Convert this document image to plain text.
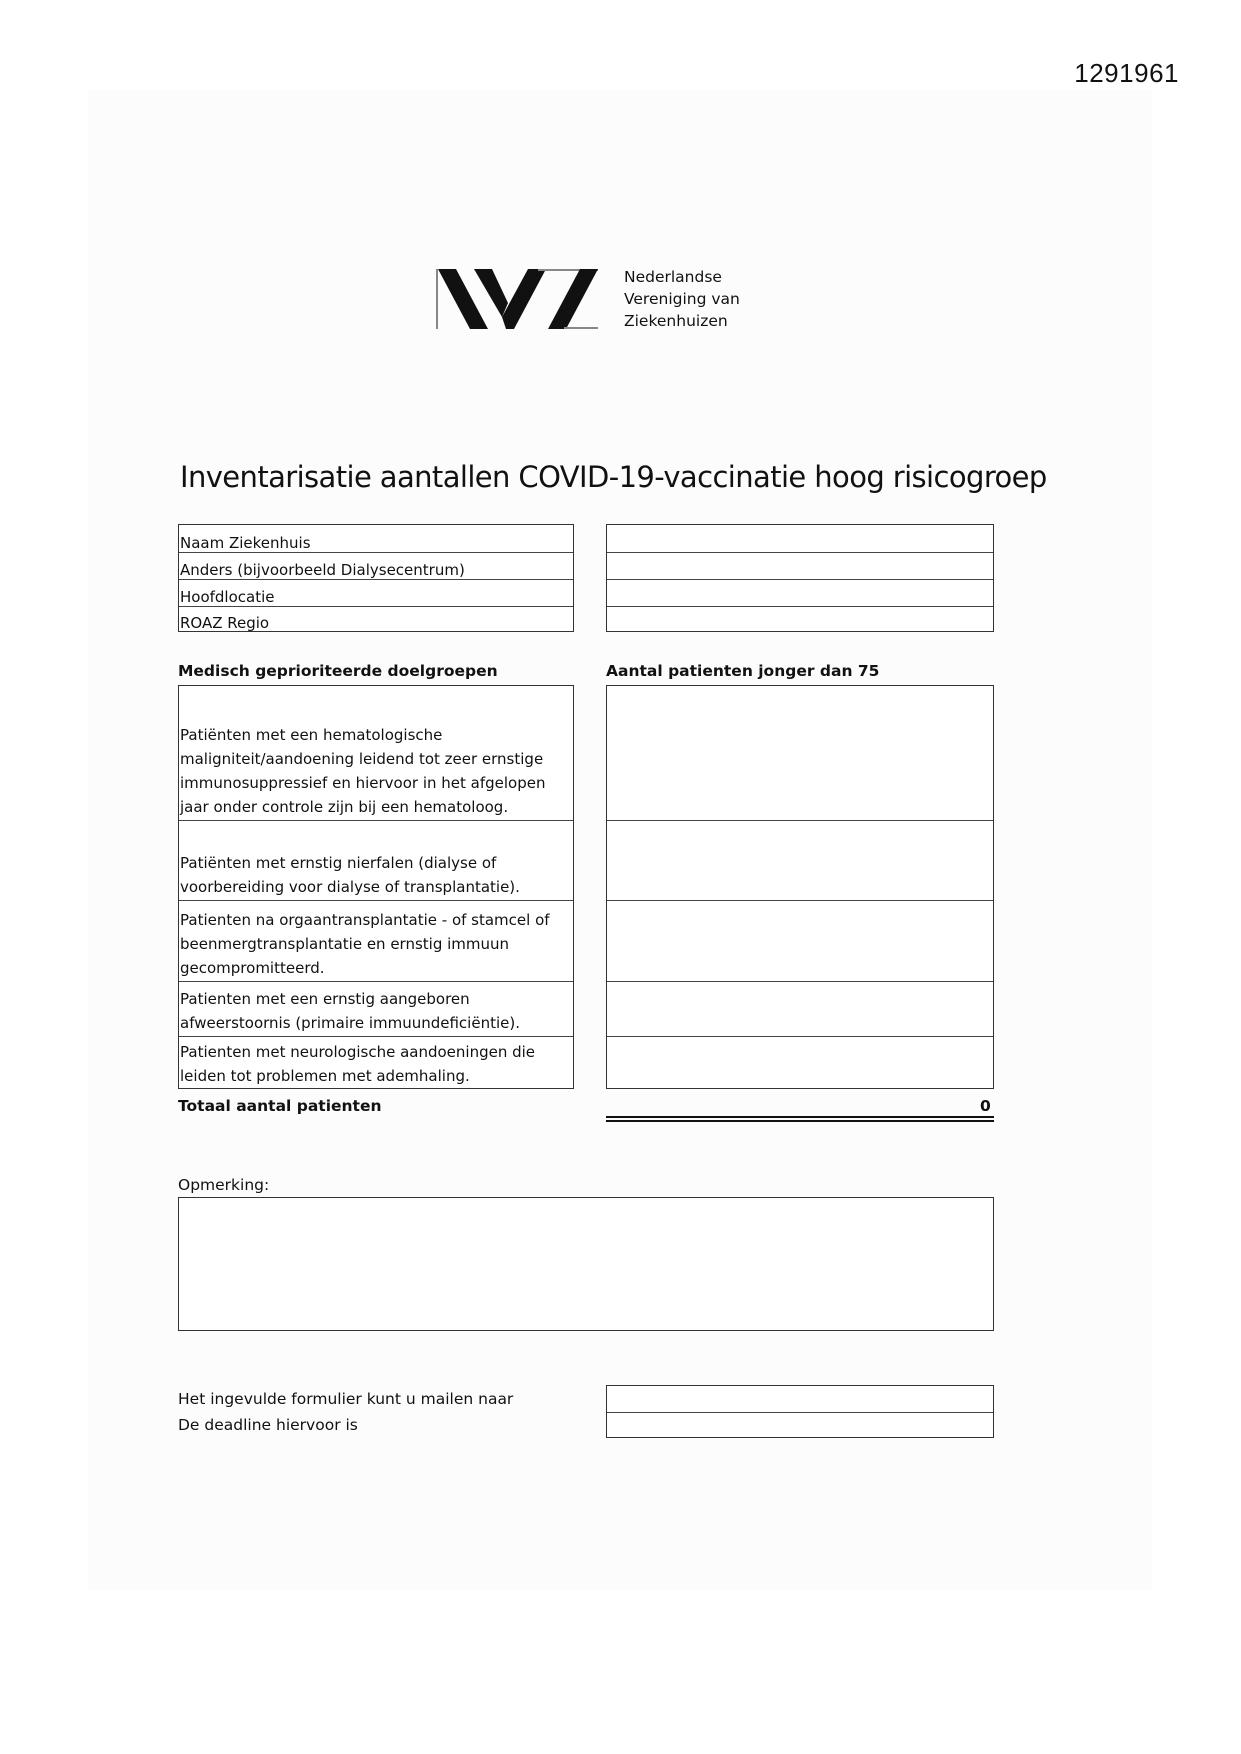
1291961
Nederlandse
Vereniging van
Ziekenhuizen
Inventarisatie aantallen COVID-19-vaccinatie hoog risicogroep
Naam Ziekenhuis
Anders (bijvoorbeeld Dialysecentrum)
Hoofdlocatie
ROAZ Regio
Medisch geprioriteerde doelgroepen	Aantal patienten jonger dan 75
Patiënten met een hematologische
maligniteit/aandoening leidend tot zeer ernstige
immunosuppressief en hiervoor in het afgelopen
jaar onder controle zijn bij een hematoloog.
Patiënten met ernstig nierfalen (dialyse of
voorbereiding voor dialyse of transplantatie).
Patienten na orgaantransplantatie - of stamcel of
beenmergtransplantatie en ernstig immuun
gecompromitteerd.
Patienten met een ernstig aangeboren
afweerstoornis (primaire immuundeficiëntie).
Patienten met neurologische aandoeningen die
leiden tot problemen met ademhaling.
Totaal aantal patienten	0
Opmerking:
Het ingevulde formulier kunt u mailen naar
De deadline hiervoor is
